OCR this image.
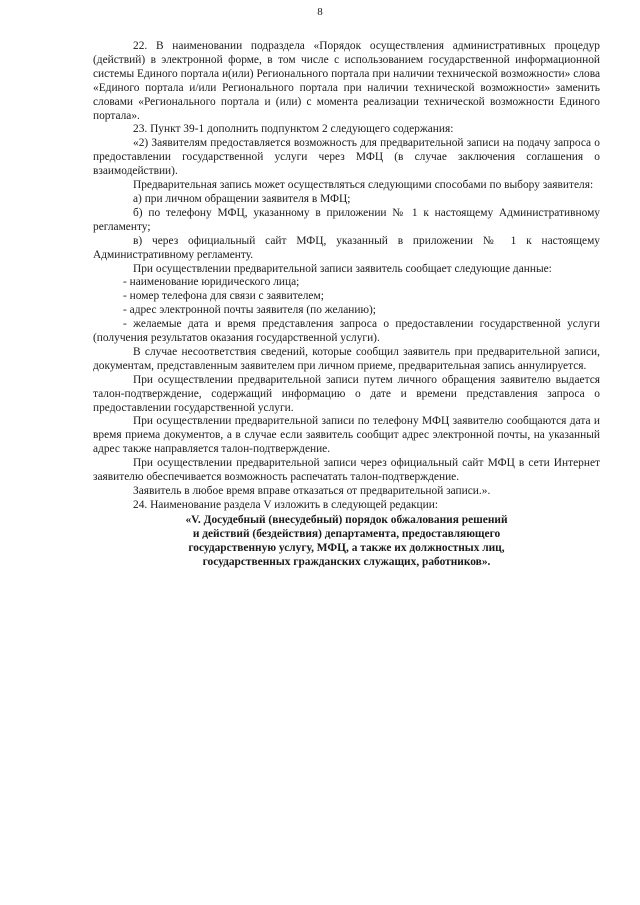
8

22. В наименовании подраздела «Порядок осуществления административных процедур (действий) в электронной форме, в том числе с использованием государственной информационной системы Единого портала и(или) Регионального портала при наличии технической возможности» слова «Единого портала и/или Регионального портала при наличии технической возможности» заменить словами «Регионального портала и (или) с момента реализации технической возможности Единого портала».

23. Пункт 39-1 дополнить подпунктом 2 следующего содержания:

«2) Заявителям предоставляется возможность для предварительной записи на подачу запроса о предоставлении государственной услуги через МФЦ (в случае заключения соглашения о взаимодействии).

Предварительная запись может осуществляться следующими способами по выбору заявителя:

а) при личном обращении заявителя в МФЦ;

б) по телефону МФЦ, указанному в приложении № 1 к настоящему Административному регламенту;

в) через официальный сайт МФЦ, указанный в приложении № 1 к настоящему Административному регламенту.

При осуществлении предварительной записи заявитель сообщает следующие данные:

- наименование юридического лица;

- номер телефона для связи с заявителем;

- адрес электронной почты заявителя (по желанию);

- желаемые дата и время представления запроса о предоставлении государственной услуги (получения результатов оказания государственной услуги).

В случае несоответствия сведений, которые сообщил заявитель при предварительной записи, документам, представленным заявителем при личном приеме, предварительная запись аннулируется.

При осуществлении предварительной записи путем личного обращения заявителю выдается талон-подтверждение, содержащий информацию о дате и времени представления запроса о предоставлении государственной услуги.

При осуществлении предварительной записи по телефону МФЦ заявителю сообщаются дата и время приема документов, а в случае если заявитель сообщит адрес электронной почты, на указанный адрес также направляется талон-подтверждение.

При осуществлении предварительной записи через официальный сайт МФЦ в сети Интернет заявителю обеспечивается возможность распечатать талон-подтверждение.

Заявитель в любое время вправе отказаться от предварительной записи.».

24. Наименование раздела V изложить в следующей редакции:

«V. Досудебный (внесудебный) порядок обжалования решений
и действий (бездействия) департамента, предоставляющего
государственную услугу, МФЦ, а также их должностных лиц,
государственных гражданских служащих, работников».
